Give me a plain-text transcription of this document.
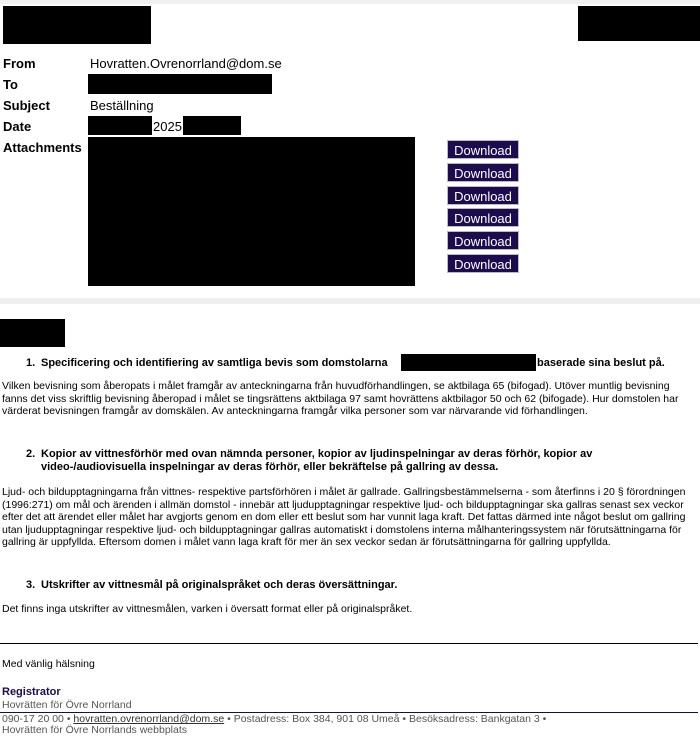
From	Hovratten.Ovrenorrland@dom.se
To
Subject	Beställning
Date	2025
Attachments	Download
Download
Download
Download
Download
Download
1. Specificering och identifiering av samtliga bevis som domstolarna	baserade sina beslut på.
Vilken bevisning som åberopats i målet framgår av anteckningarna från huvudförhandlingen, se aktbilaga 65 (bifogad). Utöver muntlig bevisning fanns det viss skriftlig bevisning åberopad i målet se tingsrättens aktbilaga 97 samt hovrättens aktbilagor 50 och 62 (bifogade). Hur domstolen har värderat bevisningen framgår av domskälen. Av anteckningarna framgår vilka personer som var närvarande vid förhandlingen.
2. Kopior av vittnesförhör med ovan nämnda personer, kopior av ljudinspelningar av deras förhör, kopior av video-/audiovisuella inspelningar av deras förhör, eller bekräftelse på gallring av dessa.
Ljud- och bildupptagningarna från vittnes- respektive partsförhören i målet är gallrade. Gallringsbestämmelserna - som återfinns i 20 § förordningen (1996:271) om mål och ärenden i allmän domstol - innebär att ljudupptagningar respektive ljud- och bildupptagningar ska gallras senast sex veckor efter det att ärendet eller målet har avgjorts genom en dom eller ett beslut som har vunnit laga kraft. Det fattas därmed inte något beslut om gallring utan ljudupptagningar respektive ljud- och bildupptagningar gallras automatiskt i domstolens interna målhanteringssystem när förutsättningarna för gallring är uppfyllda. Eftersom domen i målet vann laga kraft för mer än sex veckor sedan är förutsättningarna för gallring uppfyllda.
3. Utskrifter av vittnesmål på originalspråket och deras översättningar.
Det finns inga utskrifter av vittnesmålen, varken i översatt format eller på originalspråket.
Med vänlig hälsning
Registrator
Hovrätten för Övre Norrland
090-17 20 00 • hovratten.ovrenorrland@dom.se • Postadress: Box 384, 901 08 Umeå • Besöksadress: Bankgatan 3 •
Hovrätten för Övre Norrlands webbplats
